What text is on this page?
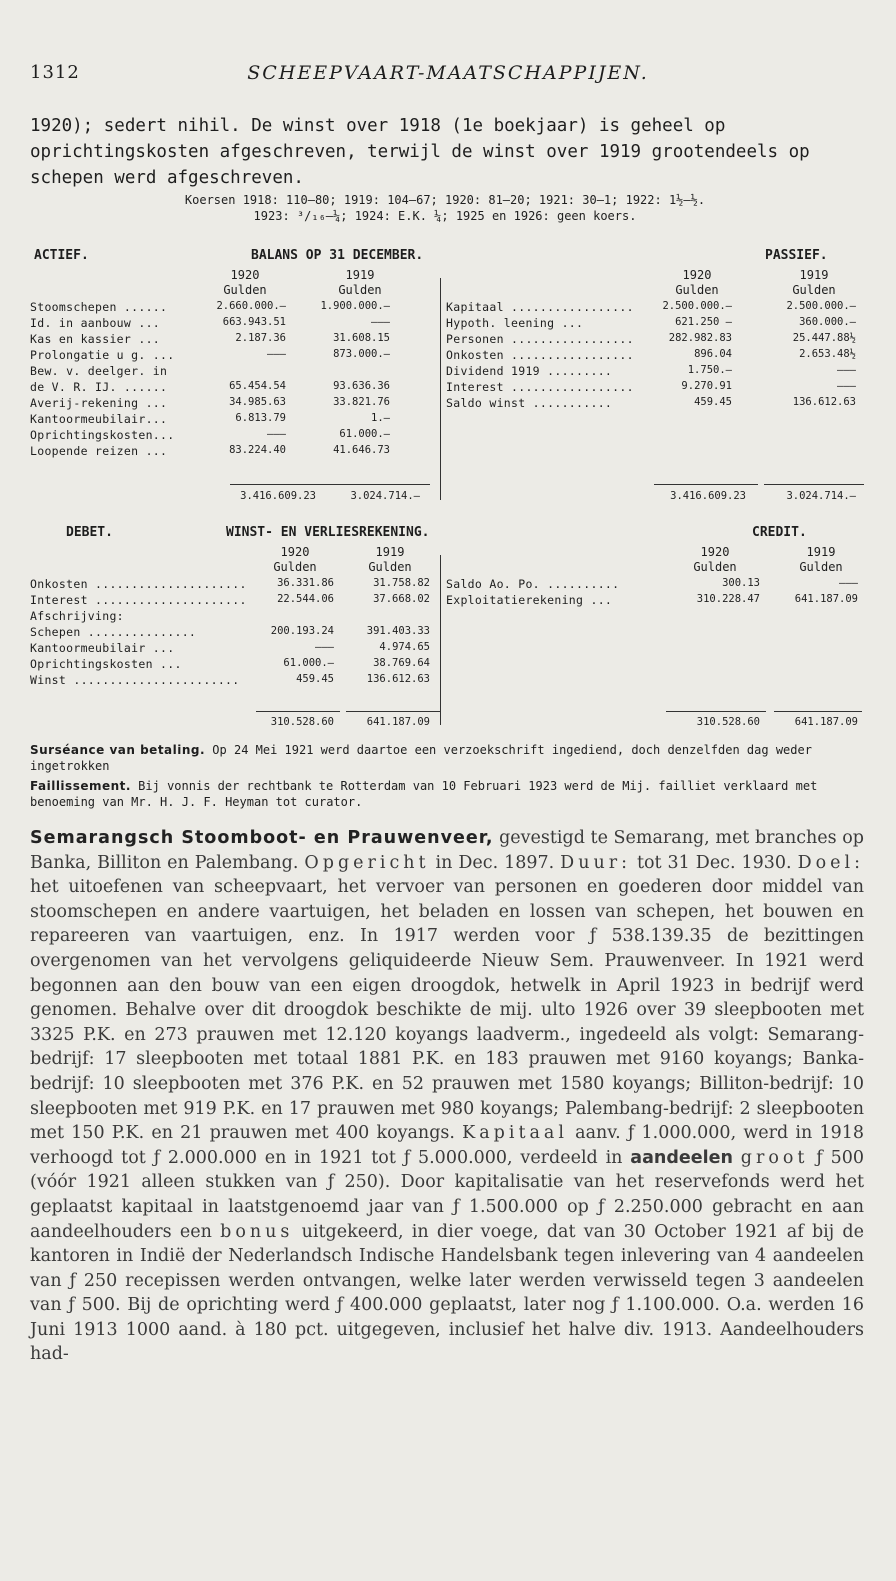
1312	SCHEEPVAART-MAATSCHAPPIJEN.

1920); sedert nihil. De winst over 1918 (1e boekjaar) is geheel op oprichtingskosten afgeschreven, terwijl de winst over 1919 grootendeels op schepen werd afgeschreven.

Koersen 1918: 110—80; 1919: 104—67; 1920: 81—20; 1921: 30—1; 1922: 1½—½.
1923: ³/₁₆—¼; 1924: E.K. ¼; 1925 en 1926: geen koers.
ACTIEF.	BALANS OP 31 DECEMBER.	PASSIEF.
1920
Gulden
1919
Gulden
Stoomschepen ......	2.660.000.—	1.900.000.—
Id. in aanbouw ...	663.943.51	———
Kas en kassier ...	2.187.36	31.608.15
Prolongatie u g. ...	———	873.000.—
Bew. v. deelger. in
de V. R. IJ. ......	65.454.54	93.636.36
Averij-rekening ...	34.985.63	33.821.76
Kantoormeubilair...	6.813.79	1.—
Oprichtingskosten...	———	61.000.—
Loopende reizen ...	83.224.40	41.646.73
1920
Gulden
1919
Gulden
Kapitaal .................	2.500.000.—	2.500.000.—
Hypoth. leening ...	621.250 —	360.000.—
Personen .................	282.982.83	25.447.88½
Onkosten .................	896.04	2.653.48½
Dividend 1919 .........	1.750.—	———
Interest .................	9.270.91	———
Saldo winst ...........	459.45	136.612.63
3.416.609.23	3.024.714.—	3.416.609.23	3.024.714.—
DEBET.	WINST- EN VERLIESREKENING.	CREDIT.
1920
Gulden
1919
Gulden
Onkosten .....................	36.331.86	31.758.82
Interest .....................	22.544.06	37.668.02
Afschrijving:
Schepen ...............	200.193.24	391.403.33
Kantoormeubilair ...	———	4.974.65
Oprichtingskosten ...	61.000.—	38.769.64
Winst .......................	459.45	136.612.63
1920
Gulden
1919
Gulden
Saldo Ao. Po. ..........	300.13	———
Exploitatierekening ...	310.228.47	641.187.09
310.528.60	641.187.09	310.528.60	641.187.09

Surséance van betaling. Op 24 Mei 1921 werd daartoe een verzoekschrift ingediend, doch denzelfden dag weder ingetrokken

Faillissement. Bij vonnis der rechtbank te Rotterdam van 10 Februari 1923 werd de Mij. failliet verklaard met benoeming van Mr. H. J. F. Heyman tot curator.

Semarangsch Stoomboot- en Prauwenveer, gevestigd te Semarang, met branches op Banka, Billiton en Palembang. Opgericht in Dec. 1897. Duur: tot 31 Dec. 1930. Doel: het uitoefenen van scheepvaart, het vervoer van personen en goederen door middel van stoomschepen en andere vaartuigen, het beladen en lossen van schepen, het bouwen en repareeren van vaartuigen, enz. In 1917 werden voor ƒ 538.139.35 de bezittingen overgenomen van het vervolgens geliquideerde Nieuw Sem. Prauwenveer. In 1921 werd begonnen aan den bouw van een eigen droogdok, hetwelk in April 1923 in bedrijf werd genomen. Behalve over dit droogdok beschikte de mij. ulto 1926 over 39 sleepbooten met 3325 P.K. en 273 prauwen met 12.120 koyangs laadverm., ingedeeld als volgt: Semarang-bedrijf: 17 sleepbooten met totaal 1881 P.K. en 183 prauwen met 9160 koyangs; Banka-bedrijf: 10 sleepbooten met 376 P.K. en 52 prauwen met 1580 koyangs; Billiton-bedrijf: 10 sleepbooten met 919 P.K. en 17 prauwen met 980 koyangs; Palembang-bedrijf: 2 sleepbooten met 150 P.K. en 21 prauwen met 400 koyangs. Kapitaal aanv. ƒ 1.000.000, werd in 1918 verhoogd tot ƒ 2.000.000 en in 1921 tot ƒ 5.000.000, verdeeld in aandeelen groot ƒ 500 (vóór 1921 alleen stukken van ƒ 250). Door kapitalisatie van het reservefonds werd het geplaatst kapitaal in laatstgenoemd jaar van ƒ 1.500.000 op ƒ 2.250.000 gebracht en aan aandeelhouders een bonus uitgekeerd, in dier voege, dat van 30 October 1921 af bij de kantoren in Indië der Nederlandsch Indische Handelsbank tegen inlevering van 4 aandeelen van ƒ 250 recepissen werden ontvangen, welke later werden verwisseld tegen 3 aandeelen van ƒ 500. Bij de oprichting werd ƒ 400.000 geplaatst, later nog ƒ 1.100.000. O.a. werden 16 Juni 1913 1000 aand. à 180 pct. uitgegeven, inclusief het halve div. 1913. Aandeelhouders had-
